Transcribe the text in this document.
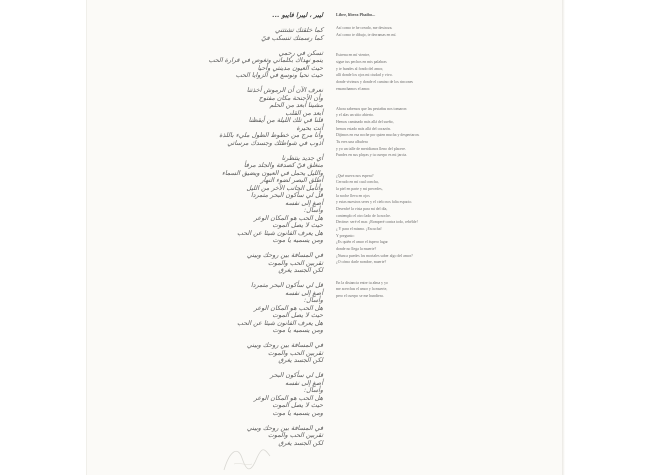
ليبر ، ليبرا فايبو ...
كما خلقتك تشتتني
كما رسمتك تنسكب فيّ
تسكن في رحمي
ينمو نهداك بكلماتي وتغوص في قرارة الحب
حيث العيون مدينتي وأحيا
حيث نحيا ونوسع في الزوايا الحب
نعرف الآن أن الرموش أخذتنا
وأن الأجنحة مكان مفتوح
مشينا أبعد من الحلم
أبعد من القلب
قلنا في تلك الليلة من أيقظنا
أنت بحيرة
وأنا مرج من خطوط الطول مليء باللذة
أذوب في شواطئك وجسدك مرساتي
أي جديد ينتظرنا
منغلق فيّ كصدفة والجلد مرفأ
والليل يحمل في العيون ويضيق السماء
أطلق البصر لضوء النهار
وأتأمل الجانب الآخر من الليل
قل لي سأكون البحر متمردا
أصغ إلى نفسه
وأسأل:
هل الحب هو المكان الوعر
حيث لا يصل الموت
هل يعرف الفانون شيئا عن الحب
ومن يسميه يا موت
في المسافة بين روحك وبيني
تقربين الحب والموت
لكن الجسد يغرق
قل لي سأكون البحر متمردا
أصغ إلى نفسه
وأسأل:
هل الحب هو المكان الوعر
حيث لا يصل الموت
هل يعرف الفانون شيئا عن الحب
ومن يسميه يا موت
في المسافة بين روحك وبيني
تقربين الحب والموت
لكن الجسد يغرق
قل لي سأكون البحر
أصغ إلى نفسه
وأسأل:
هل الحب هو المكان الوعر
حيث لا يصل الموت
ومن يسميه يا موت
في المسافة بين روحك وبيني
تقربين الحب والموت
لكن الجسد يغرق
Libre, libera Phaibo...
Así como te he creado, me destroza.
Así como te dibujo, te derramas en mí.
Estrena en mí vientre,
sigue tus pechos en mis palabras
y te hundes al fondo del amor,
allí donde los ojos mi ciudad y vivo.
donde vivimos y donde el camino de los rincones
ensanchamos el amor.
Ahora sabemos que las pestañas nos tomaron
y el alas un sitio abierto.
Hemos caminado más allá del sueño,
hemos estado más allá del corazón.
Dijimos en esa noche por quien mucha y despertaron.
Tu eres una albufera
y yo un talle de meridianos lleno del placere.
Fundes en sus playas y tu cuerpo es mi jarcia.
¿Qué nueva nos espera?
Cerrado en mí cual concha,
la piel en parte y mi precedes,
la noche lleva en ojos
y estas nuestros seres y el cielo nos falta espacio.
Desenfré la vista para mi del día,
contemplo el otro lado de la noche.
Decíme: seré el mar. ¡Romperé contra todo, rebélde!
¿ Y para el mismo. ¡Escucha!
Y pregunto:
¿Es quién el amor el áspero lugar
donde no llega la muerte?
¿Nunca puedes los mortales saber algo del amor?
¿O cómo darle nombre, muerte?
En la distancia entre tu alma y yo
me acerchas el amor y la muerte,
pero el cuerpo se me hundiera.
